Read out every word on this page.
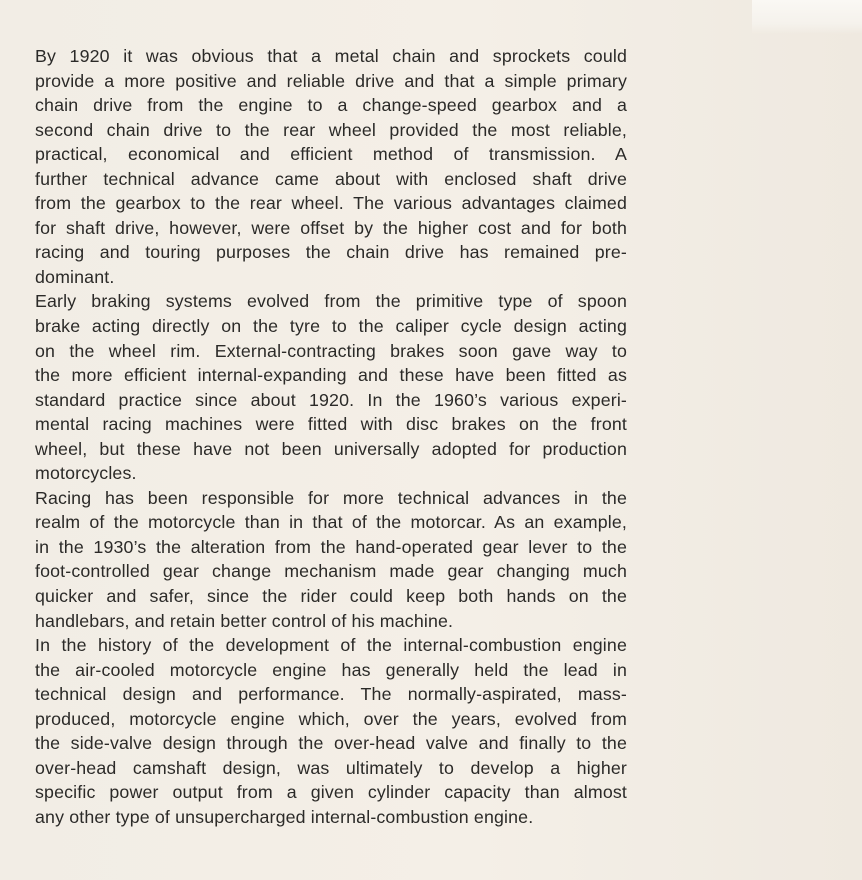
By 1920 it was obvious that a metal chain and sprockets could
provide a more positive and reliable drive and that a simple primary
chain drive from the engine to a change-speed gearbox and a
second chain drive to the rear wheel provided the most reliable,
practical, economical and efficient method of transmission. A
further technical advance came about with enclosed shaft drive
from the gearbox to the rear wheel. The various advantages claimed
for shaft drive, however, were offset by the higher cost and for both
racing and touring purposes the chain drive has remained pre-
dominant.
Early braking systems evolved from the primitive type of spoon
brake acting directly on the tyre to the caliper cycle design acting
on the wheel rim. External-contracting brakes soon gave way to
the more efficient internal-expanding and these have been fitted as
standard practice since about 1920. In the 1960’s various experi-
mental racing machines were fitted with disc brakes on the front
wheel, but these have not been universally adopted for production
motorcycles.
Racing has been responsible for more technical advances in the
realm of the motorcycle than in that of the motorcar. As an example,
in the 1930’s the alteration from the hand-operated gear lever to the
foot-controlled gear change mechanism made gear changing much
quicker and safer, since the rider could keep both hands on the
handlebars, and retain better control of his machine.
In the history of the development of the internal-combustion engine
the air-cooled motorcycle engine has generally held the lead in
technical design and performance. The normally-aspirated, mass-
produced, motorcycle engine which, over the years, evolved from
the side-valve design through the over-head valve and finally to the
over-head camshaft design, was ultimately to develop a higher
specific power output from a given cylinder capacity than almost
any other type of unsupercharged internal-combustion engine.
